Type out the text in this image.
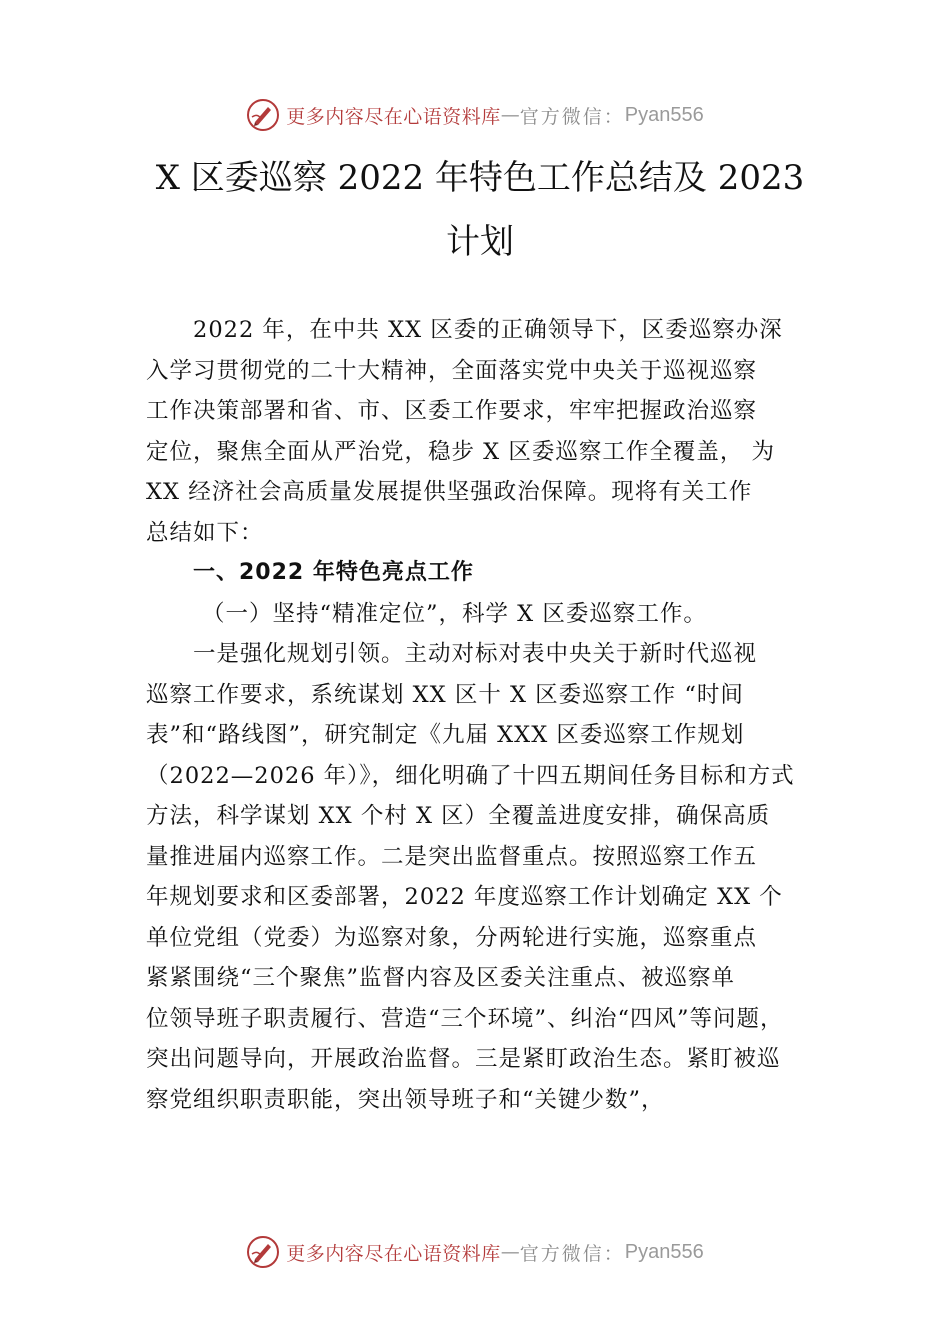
更多内容尽在心语资料库 — 官方微信： Pyan556
X 区委巡察 2022 年特色工作总结及 2023
计划
2022 年，在中共 XX 区委的正确领导下，区委巡察办深
入学习贯彻党的二十大精神，全面落实党中央关于巡视巡察
工作决策部署和省、市、区委工作要求，牢牢把握政治巡察
定位，聚焦全面从严治党，稳步 X 区委巡察工作全覆盖， 为
XX 经济社会高质量发展提供坚强政治保障。现将有关工作
总结如下：
一、2022 年特色亮点工作
（一）坚持“精准定位”，科学 X 区委巡察工作。
一是强化规划引领。主动对标对表中央关于新时代巡视
巡察工作要求，系统谋划 XX 区十 X 区委巡察工作 “时间
表”和“路线图”，研究制定《九届 XXX 区委巡察工作规划
（2022—2026 年）》，细化明确了十四五期间任务目标和方式
方法，科学谋划 XX 个村 X 区）全覆盖进度安排，确保高质
量推进届内巡察工作。二是突出监督重点。按照巡察工作五
年规划要求和区委部署，2022 年度巡察工作计划确定 XX 个
单位党组（党委）为巡察对象，分两轮进行实施，巡察重点
紧紧围绕“三个聚焦”监督内容及区委关注重点、被巡察单
位领导班子职责履行、营造“三个环境”、纠治“四风”等问题，
突出问题导向，开展政治监督。三是紧盯政治生态。紧盯被巡
察党组织职责职能，突出领导班子和“关键少数”，
更多内容尽在心语资料库 — 官方微信： Pyan556
